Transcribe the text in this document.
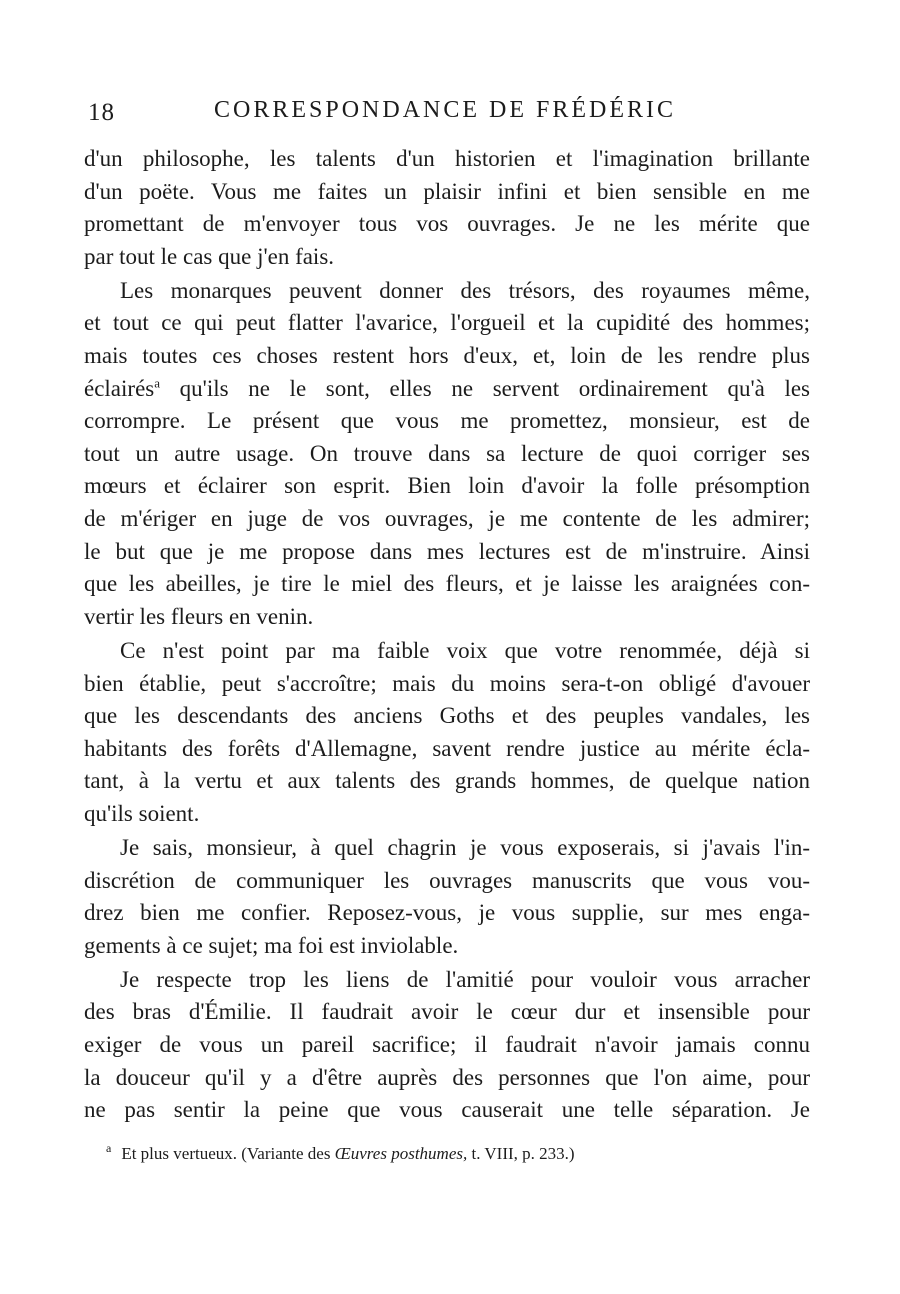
18	CORRESPONDANCE DE FRÉDÉRIC
d'un philosophe, les talents d'un historien et l'imagination brillante
d'un poëte. Vous me faites un plaisir infini et bien sensible en me
promettant de m'envoyer tous vos ouvrages. Je ne les mérite que
par tout le cas que j'en fais.
Les monarques peuvent donner des trésors, des royaumes même,
et tout ce qui peut flatter l'avarice, l'orgueil et la cupidité des hommes;
mais toutes ces choses restent hors d'eux, et, loin de les rendre plus
éclairés$^a$ qu'ils ne le sont, elles ne servent ordinairement qu'à les
corrompre. Le présent que vous me promettez, monsieur, est de
tout un autre usage. On trouve dans sa lecture de quoi corriger ses
mœurs et éclairer son esprit. Bien loin d'avoir la folle présomption
de m'ériger en juge de vos ouvrages, je me contente de les admirer;
le but que je me propose dans mes lectures est de m'instruire. Ainsi
que les abeilles, je tire le miel des fleurs, et je laisse les araignées con-
vertir les fleurs en venin.
Ce n'est point par ma faible voix que votre renommée, déjà si
bien établie, peut s'accroître; mais du moins sera-t-on obligé d'avouer
que les descendants des anciens Goths et des peuples vandales, les
habitants des forêts d'Allemagne, savent rendre justice au mérite écla-
tant, à la vertu et aux talents des grands hommes, de quelque nation
qu'ils soient.
Je sais, monsieur, à quel chagrin je vous exposerais, si j'avais l'in-
discrétion de communiquer les ouvrages manuscrits que vous vou-
drez bien me confier. Reposez-vous, je vous supplie, sur mes enga-
gements à ce sujet; ma foi est inviolable.
Je respecte trop les liens de l'amitié pour vouloir vous arracher
des bras d'Émilie. Il faudrait avoir le cœur dur et insensible pour
exiger de vous un pareil sacrifice; il faudrait n'avoir jamais connu
la douceur qu'il y a d'être auprès des personnes que l'on aime, pour
ne pas sentir la peine que vous causerait une telle séparation. Je
$^a$ Et plus vertueux. (Variante des Œuvres posthumes, t. VIII, p. 233.)
